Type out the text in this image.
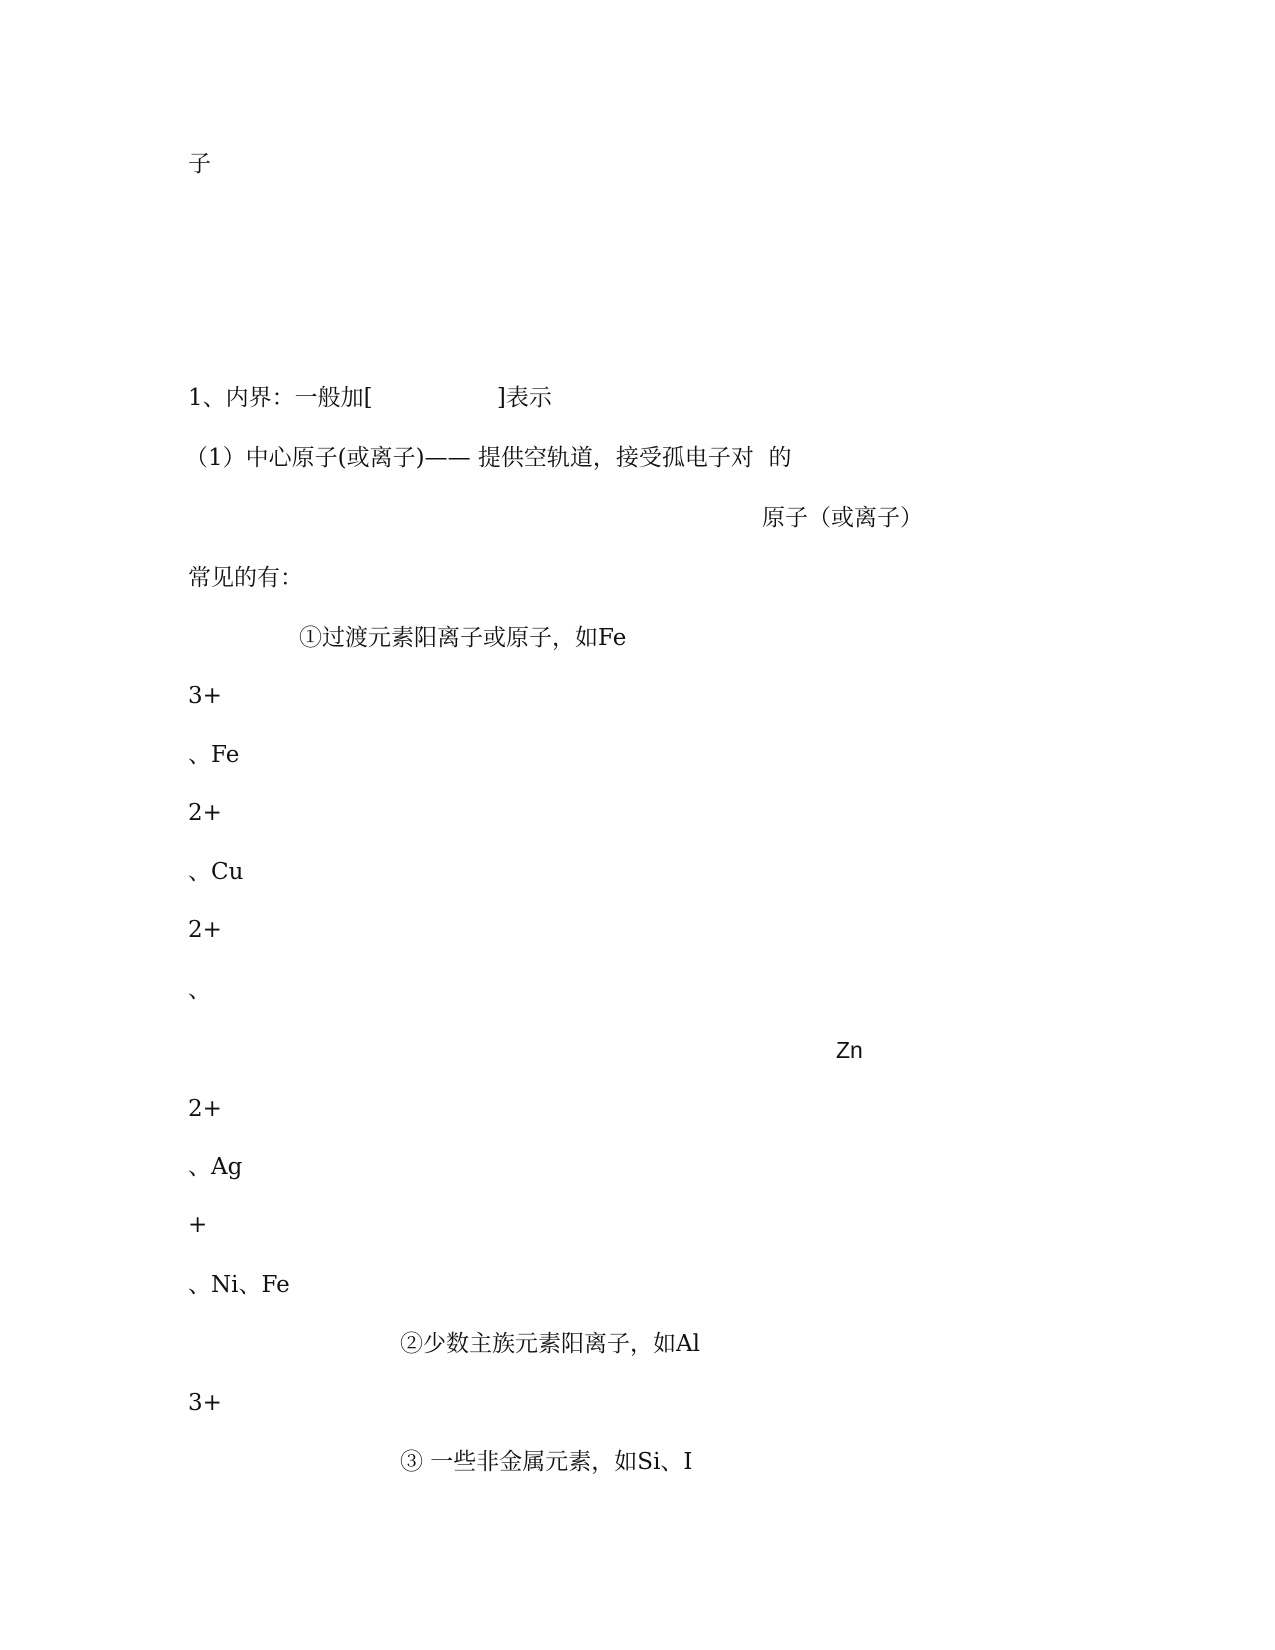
子
1、内界：一般加[                 ]表示
（1）中心原子(或离子)—— 提供空轨道，接受孤电子对  的
原子（或离子）
常见的有：
①过渡元素阳离子或原子，如Fe
3+
、Fe
2+
、Cu
2+
、
Zn
2+
、Ag
+
、Ni、Fe
②少数主族元素阳离子，如Al
3+
③ 一些非金属元素，如Si、I
